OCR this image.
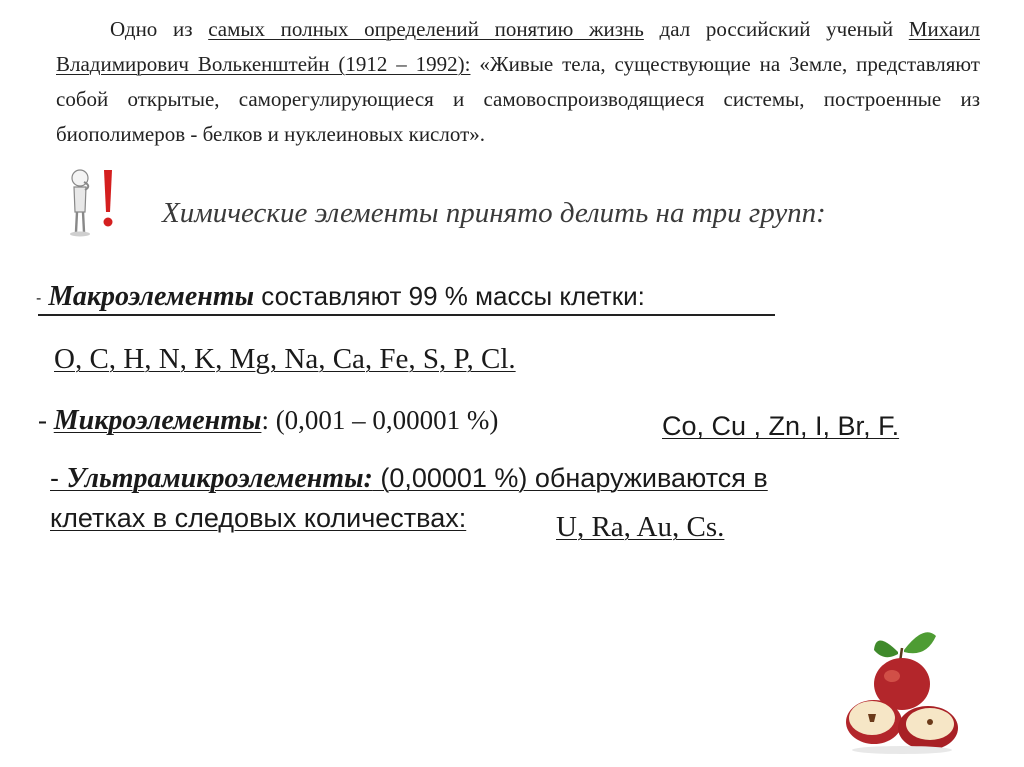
Одно из самых полных определений понятию жизнь дал российский ученый Михаил Владимирович Волькенштейн (1912 – 1992): «Живые тела, существующие на Земле, представляют собой открытые, саморегулирующиеся и самовоспроизводящиеся системы, построенные из биополимеров - белков и нуклеиновых кислот».
Химические элементы принято делить на три групп:
- Макроэлементы составляют 99 % массы клетки:
O, C, H, N, K, Mg, Na, Ca, Fe, S, P, Cl.
- Микроэлементы: (0,001 – 0,00001 %)	Co, Cu , Zn, I, Br, F.
- Ультрамикроэлементы: (0,00001 %) обнаруживаются в
клетках в следовых количествах:	U, Ra, Au, Cs.
